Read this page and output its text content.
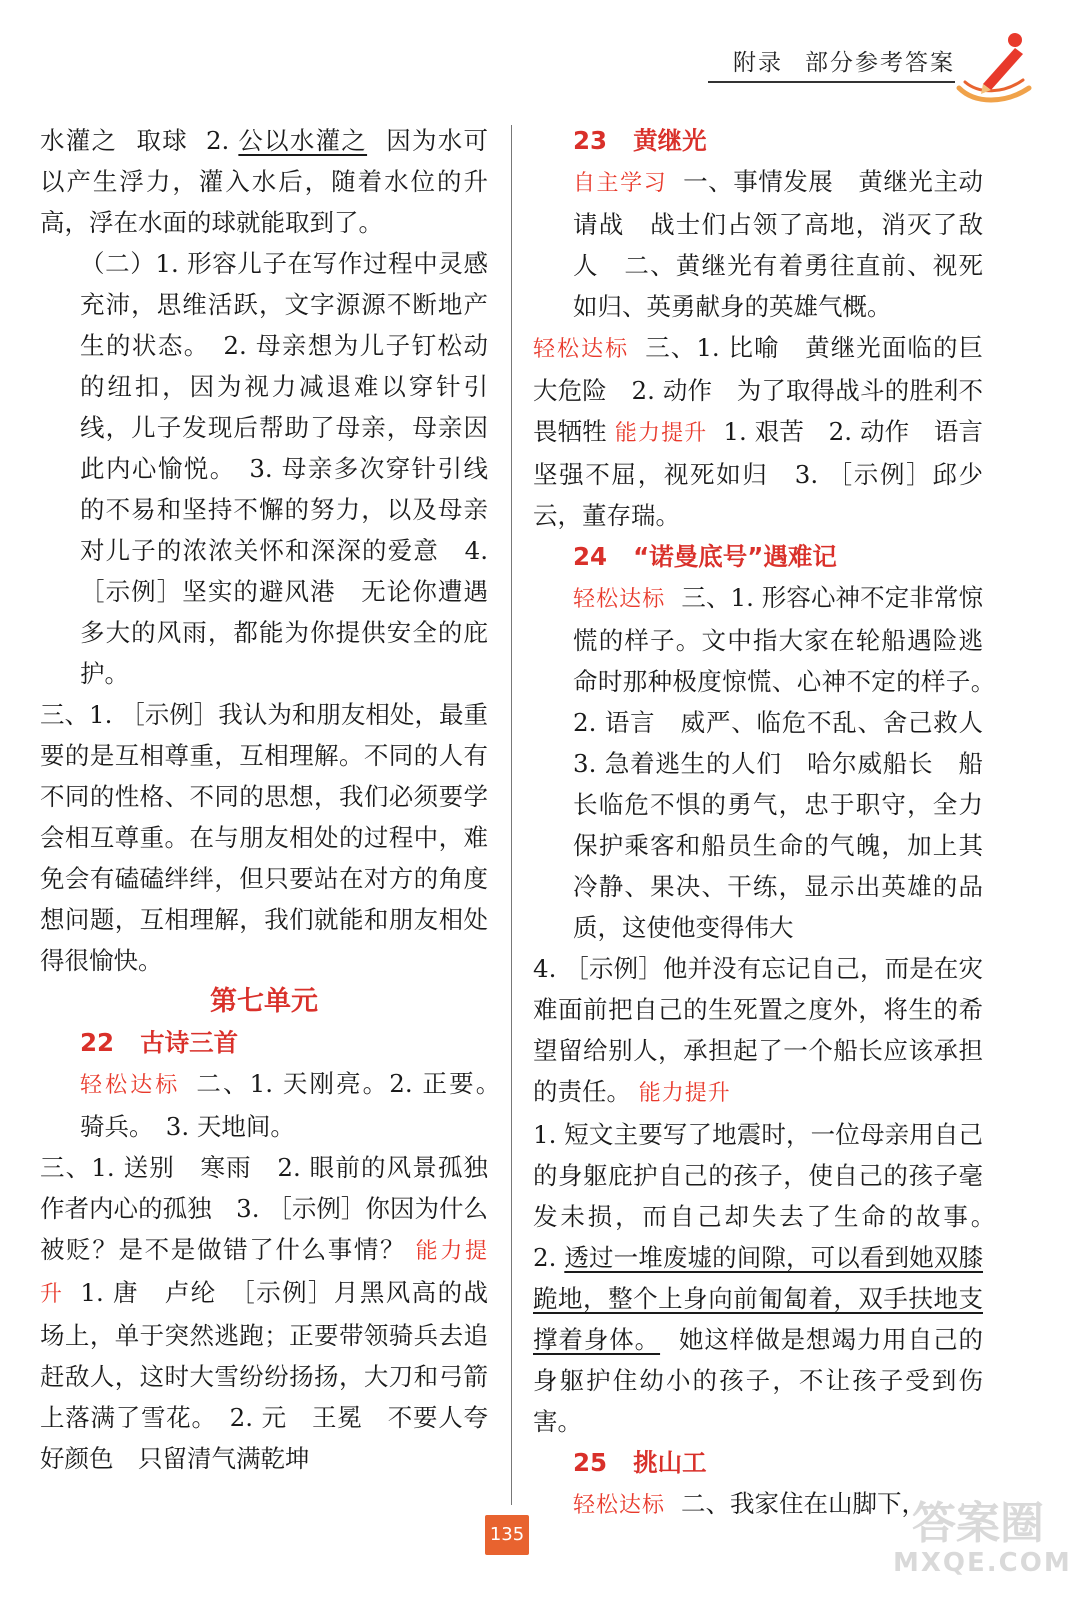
附录 部分参考答案

水灌之 取球 2. 公以水灌之 因为水可以产生浮力，灌入水后，随着水位的升高，浮在水面的球就能取到了。

（二）1. 形容儿子在写作过程中灵感充沛，思维活跃，文字源源不断地产生的状态。　2. 母亲想为儿子钉松动的纽扣，因为视力减退难以穿针引线，儿子发现后帮助了母亲，母亲因此内心愉悦。　3. 母亲多次穿针引线的不易和坚持不懈的努力，以及母亲对儿子的浓浓关怀和深深的爱意　4. ［示例］坚实的避风港　无论你遭遇多大的风雨，都能为你提供安全的庇护。

三、1. ［示例］我认为和朋友相处，最重要的是互相尊重，互相理解。不同的人有不同的性格、不同的思想，我们必须要学会相互尊重。在与朋友相处的过程中，难免会有磕磕绊绊，但只要站在对方的角度想问题，互相理解，我们就能和朋友相处得很愉快。

第七单元

22 古诗三首

轻松达标 二、1. 天刚亮。2. 正要。　骑兵。　3. 天地间。

三、1. 送别　寒雨　2. 眼前的风景孤独　作者内心的孤独　3. ［示例］你因为什么被贬？是不是做错了什么事情？ 能力提升 1. 唐　卢纶　［示例］月黑风高的战场上，单于突然逃跑；正要带领骑兵去追赶敌人，这时大雪纷纷扬扬，大刀和弓箭上落满了雪花。　2. 元　王冕　不要人夸好颜色　只留清气满乾坤

23 黄继光

自主学习 一、事情发展　黄继光主动请战　战士们占领了高地，消灭了敌人　二、黄继光有着勇往直前、视死如归、英勇献身的英雄气概。

轻松达标 三、1. 比喻　黄继光面临的巨大危险　2. 动作　为了取得战斗的胜利不畏牺牲 能力提升 1. 艰苦　2. 动作　语言　坚强不屈，视死如归　3. ［示例］邱少云，董存瑞。

24 “诺曼底号”遇难记

轻松达标 三、1. 形容心神不定非常惊慌的样子。文中指大家在轮船遇险逃命时那种极度惊慌、心神不定的样子。　2. 语言　威严、临危不乱、舍己救人　3. 急着逃生的人们　哈尔威船长　船长临危不惧的勇气，忠于职守，全力保护乘客和船员生命的气魄，加上其冷静、果决、干练，显示出英雄的品质，这使他变得伟大

4. ［示例］他并没有忘记自己，而是在灾难面前把自己的生死置之度外，将生的希望留给别人，承担起了一个船长应该承担的责任。 能力提升

1. 短文主要写了地震时，一位母亲用自己的身躯庇护自己的孩子，使自己的孩子毫发未损，而自己却失去了生命的故事。　2. 透过一堆废墟的间隙，可以看到她双膝跪地，整个上身向前匍匐着，双手扶地支撑着身体。 她这样做是想竭力用自己的身躯护住幼小的孩子，不让孩子受到伤害。

25 挑山工

轻松达标 二、我家住在山脚下，

135	答案圈
MXQE.COM
